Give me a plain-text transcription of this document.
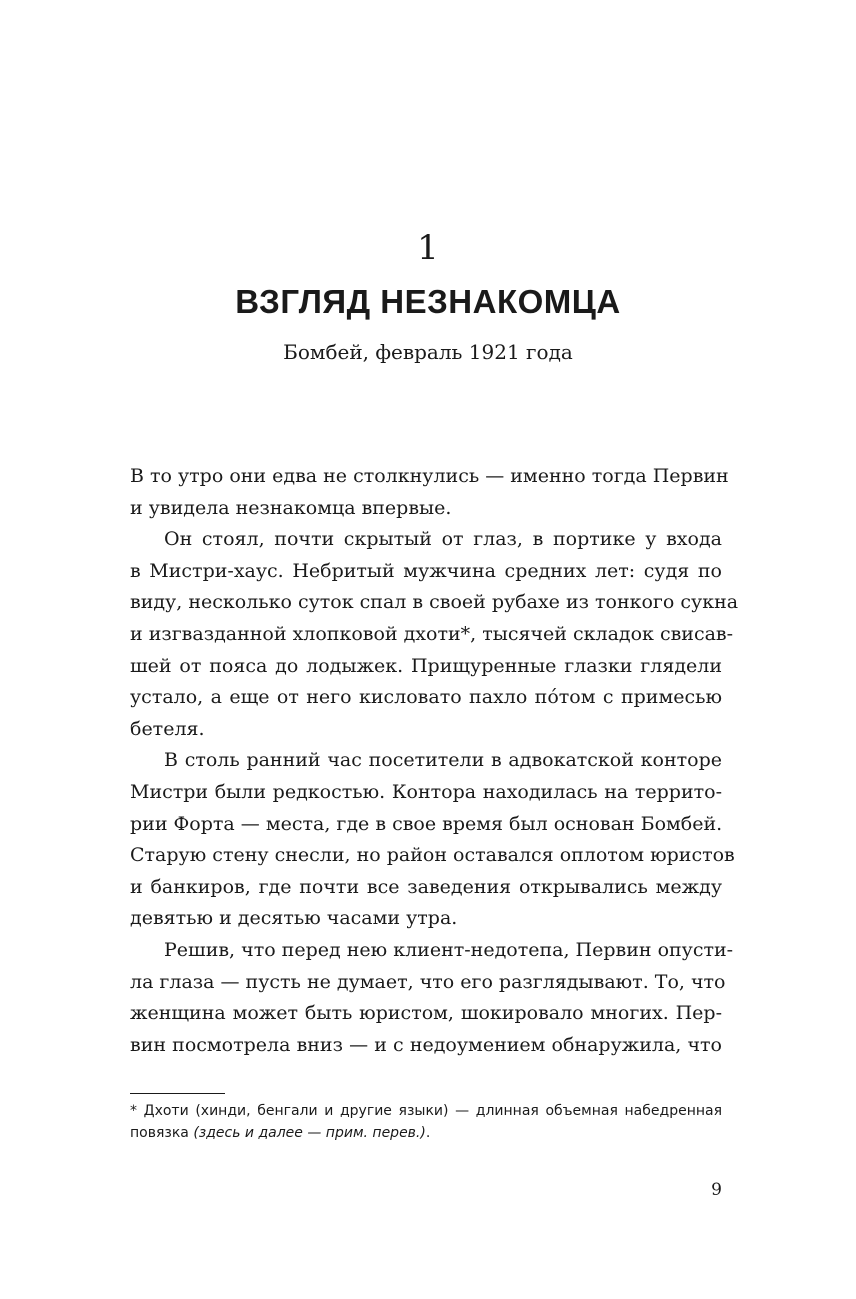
1
ВЗГЛЯД НЕЗНАКОМЦА

Бомбей, февраль 1921 года

В то утро они едва не столкнулись — именно тогда Первин
и увидела незнакомца впервые.
Он стоял, почти скрытый от глаз, в портике у входа
в Мистри-хаус. Небритый мужчина средних лет: судя по
виду, несколько суток спал в своей рубахе из тонкого сукна
и изгвазданной хлопковой дхоти*, тысячей складок свисав-
шей от пояса до лодыжек. Прищуренные глазки глядели
устало, а еще от него кисловато пахло пóтом с примесью
бетеля.
В столь ранний час посетители в адвокатской конторе
Мистри были редкостью. Контора находилась на террито-
рии Форта — места, где в свое время был основан Бомбей.
Старую стену снесли, но район оставался оплотом юристов
и банкиров, где почти все заведения открывались между
девятью и десятью часами утра.
Решив, что перед нею клиент-недотепа, Первин опусти-
ла глаза — пусть не думает, что его разглядывают. То, что
женщина может быть юристом, шокировало многих. Пер-
вин посмотрела вниз — и с недоумением обнаружила, что
* Дхоти (хинди, бенгали и другие языки) — длинная объемная набедренная
повязка (здесь и далее — прим. перев.).
9
